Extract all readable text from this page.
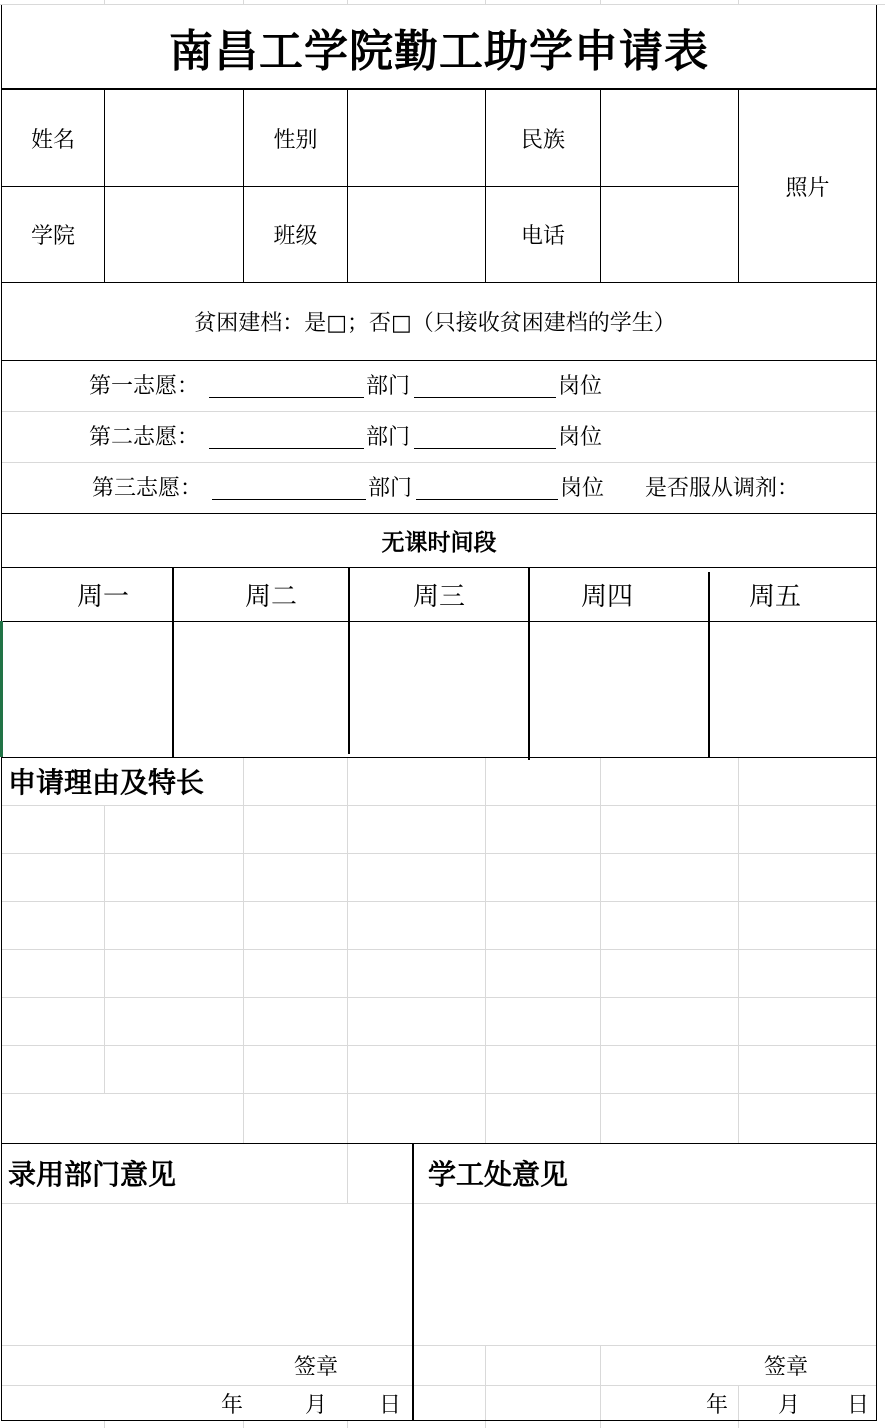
南昌工学院勤工助学申请表
姓名	性别	民族
照片
学院	班级	电话
贫困建档：是□；否□（只接收贫困建档的学生）
第一志愿：	部门	岗位
第二志愿：	部门	岗位
第三志愿：	部门	岗位 是否服从调剂：
无课时间段
周一	周二	周三	周四	周五
申请理由及特长
录用部门意见
签章
年	月	日
学工处意见
签章
年	月	日
